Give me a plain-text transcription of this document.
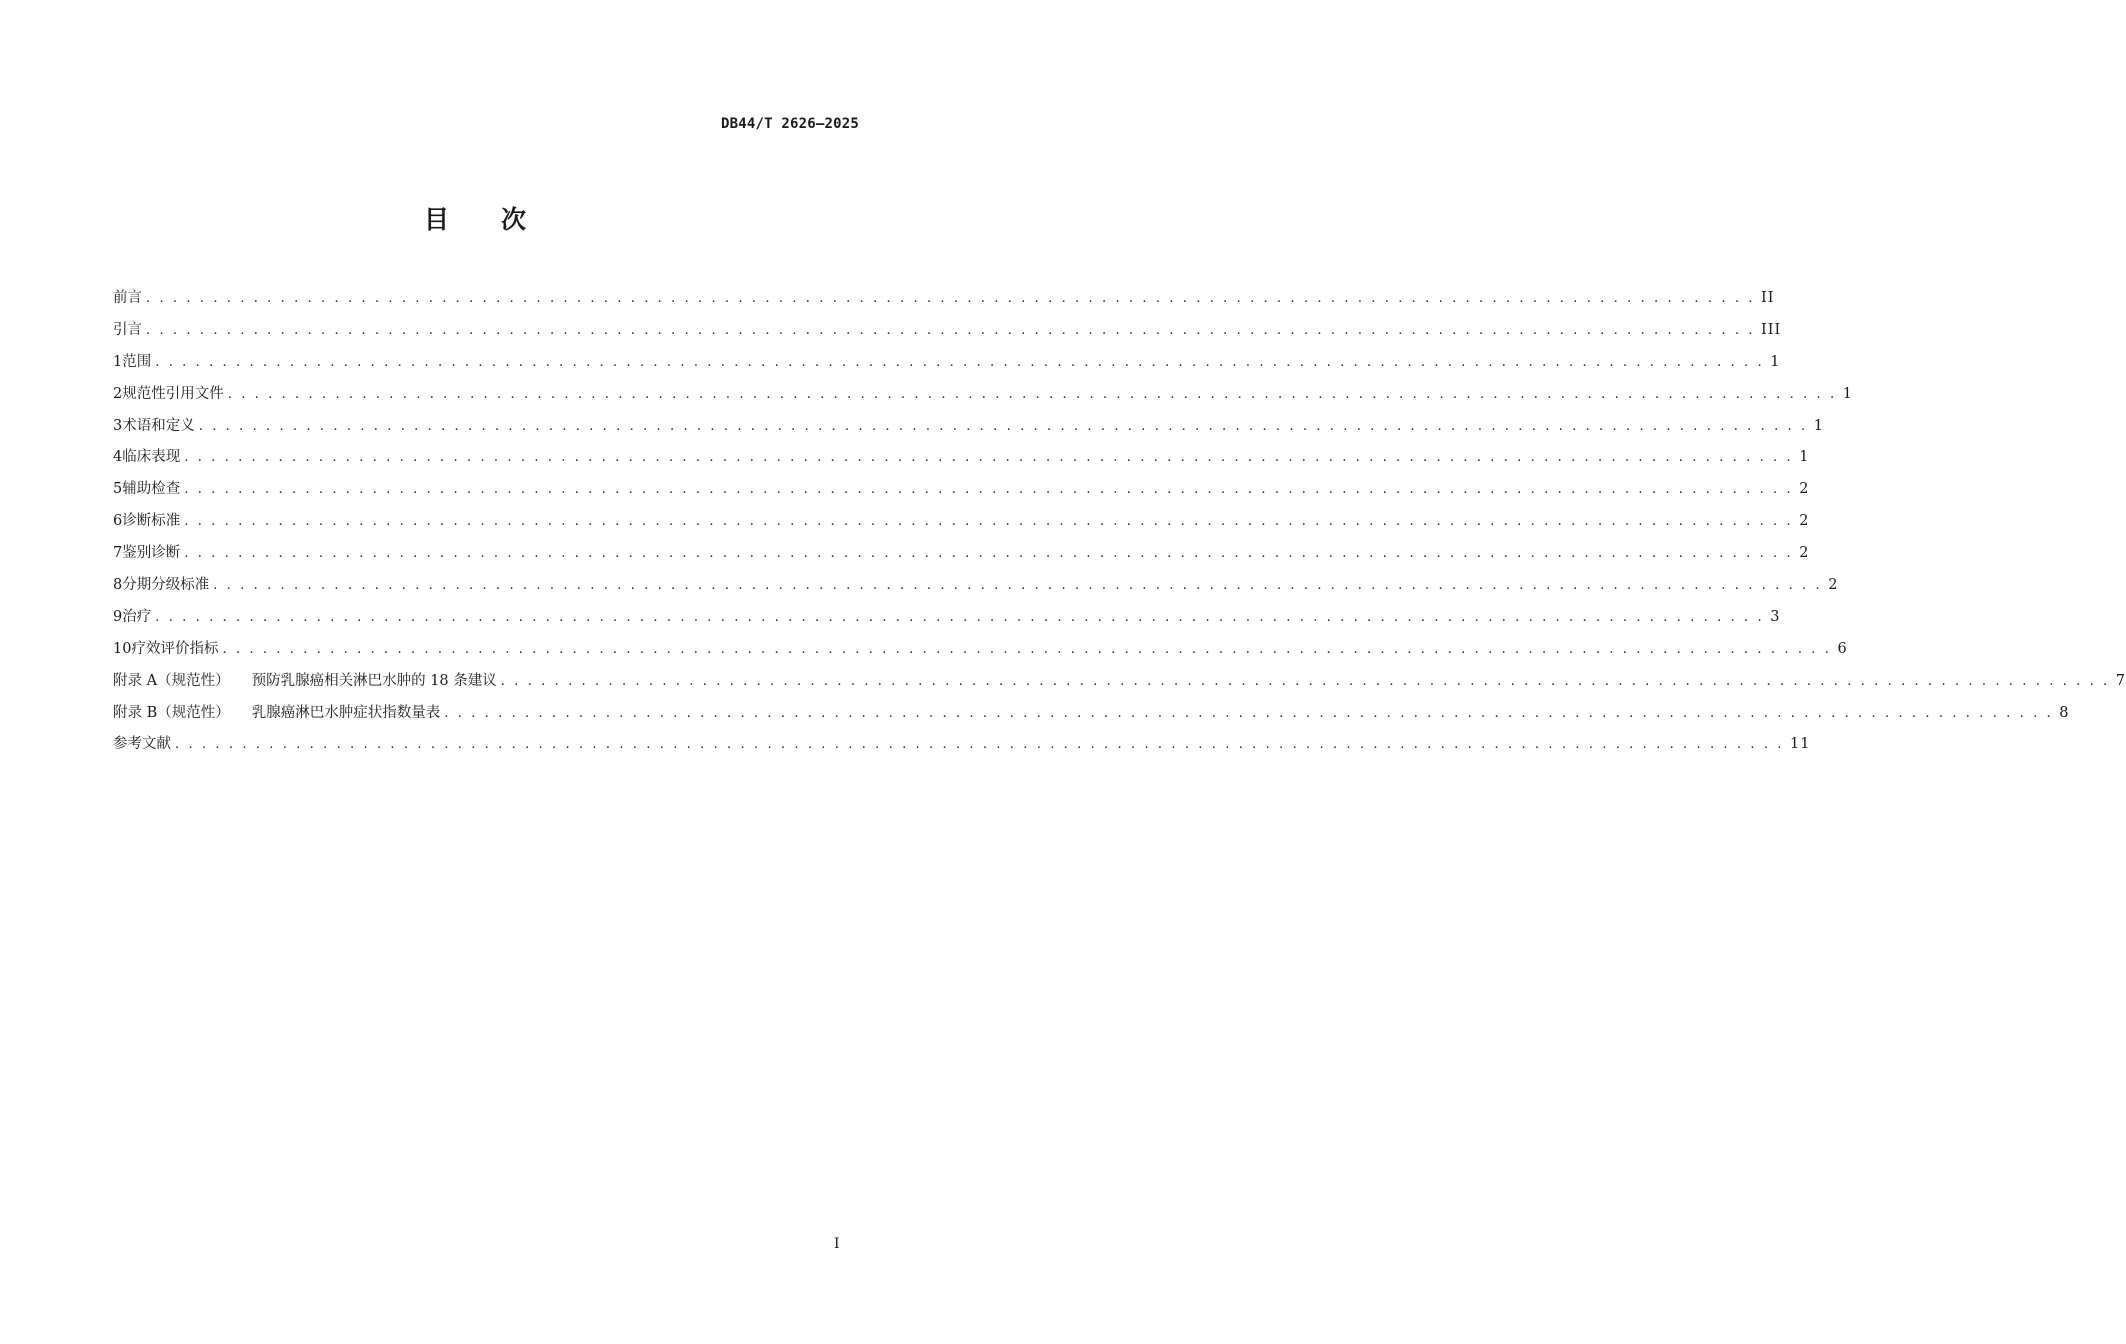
DB44/T 2626—2025
目次
前言 . . . . . . . . . . . . . . . . . . . . . . . . . . . . . . . . . . . . . . . . . . . . . . . . . . . . . . . . . . . . . . . . . . . . . . . . . . . . . . . . . . . . . . . . . . . . . . . . . . . . . . . . . . . . . . . . . . . . . . . . II
引言 . . . . . . . . . . . . . . . . . . . . . . . . . . . . . . . . . . . . . . . . . . . . . . . . . . . . . . . . . . . . . . . . . . . . . . . . . . . . . . . . . . . . . . . . . . . . . . . . . . . . . . . . . . . . . . . . . . . . . . . . III
1 范围 . . . . . . . . . . . . . . . . . . . . . . . . . . . . . . . . . . . . . . . . . . . . . . . . . . . . . . . . . . . . . . . . . . . . . . . . . . . . . . . . . . . . . . . . . . . . . . . . . . . . . . . . . . . . . . . . . . . . . . . . 1
2 规范性引用文件 . . . . . . . . . . . . . . . . . . . . . . . . . . . . . . . . . . . . . . . . . . . . . . . . . . . . . . . . . . . . . . . . . . . . . . . . . . . . . . . . . . . . . . . . . . . . . . . . . . . . . . . . . . . . . . . . . . . . . . . . 1
3 术语和定义 . . . . . . . . . . . . . . . . . . . . . . . . . . . . . . . . . . . . . . . . . . . . . . . . . . . . . . . . . . . . . . . . . . . . . . . . . . . . . . . . . . . . . . . . . . . . . . . . . . . . . . . . . . . . . . . . . . . . . . . . 1
4 临床表现 . . . . . . . . . . . . . . . . . . . . . . . . . . . . . . . . . . . . . . . . . . . . . . . . . . . . . . . . . . . . . . . . . . . . . . . . . . . . . . . . . . . . . . . . . . . . . . . . . . . . . . . . . . . . . . . . . . . . . . . . 1
5 辅助检查 . . . . . . . . . . . . . . . . . . . . . . . . . . . . . . . . . . . . . . . . . . . . . . . . . . . . . . . . . . . . . . . . . . . . . . . . . . . . . . . . . . . . . . . . . . . . . . . . . . . . . . . . . . . . . . . . . . . . . . . . 2
6 诊断标准 . . . . . . . . . . . . . . . . . . . . . . . . . . . . . . . . . . . . . . . . . . . . . . . . . . . . . . . . . . . . . . . . . . . . . . . . . . . . . . . . . . . . . . . . . . . . . . . . . . . . . . . . . . . . . . . . . . . . . . . . 2
7 鉴别诊断 . . . . . . . . . . . . . . . . . . . . . . . . . . . . . . . . . . . . . . . . . . . . . . . . . . . . . . . . . . . . . . . . . . . . . . . . . . . . . . . . . . . . . . . . . . . . . . . . . . . . . . . . . . . . . . . . . . . . . . . . 2
8 分期分级标准 . . . . . . . . . . . . . . . . . . . . . . . . . . . . . . . . . . . . . . . . . . . . . . . . . . . . . . . . . . . . . . . . . . . . . . . . . . . . . . . . . . . . . . . . . . . . . . . . . . . . . . . . . . . . . . . . . . . . . . . . 2
9 治疗 . . . . . . . . . . . . . . . . . . . . . . . . . . . . . . . . . . . . . . . . . . . . . . . . . . . . . . . . . . . . . . . . . . . . . . . . . . . . . . . . . . . . . . . . . . . . . . . . . . . . . . . . . . . . . . . . . . . . . . . . 3
10 疗效评价指标 . . . . . . . . . . . . . . . . . . . . . . . . . . . . . . . . . . . . . . . . . . . . . . . . . . . . . . . . . . . . . . . . . . . . . . . . . . . . . . . . . . . . . . . . . . . . . . . . . . . . . . . . . . . . . . . . . . . . . . . . 6
附录 A（规范性） 预防乳腺癌相关淋巴水肿的 18 条建议 . . . . . . . . . . . . . . . . . . . . . . . . . . . . . . . . . . . . . . . . . . . . . . . . . . . . . . . . . . . . . . . . . . . . . . . . . . . . . . . . . . . . . . . . . . . . . . . . . . . . . . . . . . . . . . . . . . . . . . . . 7
附录 B（规范性） 乳腺癌淋巴水肿症状指数量表 . . . . . . . . . . . . . . . . . . . . . . . . . . . . . . . . . . . . . . . . . . . . . . . . . . . . . . . . . . . . . . . . . . . . . . . . . . . . . . . . . . . . . . . . . . . . . . . . . . . . . . . . . . . . . . . . . . . . . . . . 8
参考文献 . . . . . . . . . . . . . . . . . . . . . . . . . . . . . . . . . . . . . . . . . . . . . . . . . . . . . . . . . . . . . . . . . . . . . . . . . . . . . . . . . . . . . . . . . . . . . . . . . . . . . . . . . . . . . . . . . . . . . . . . 11
I
